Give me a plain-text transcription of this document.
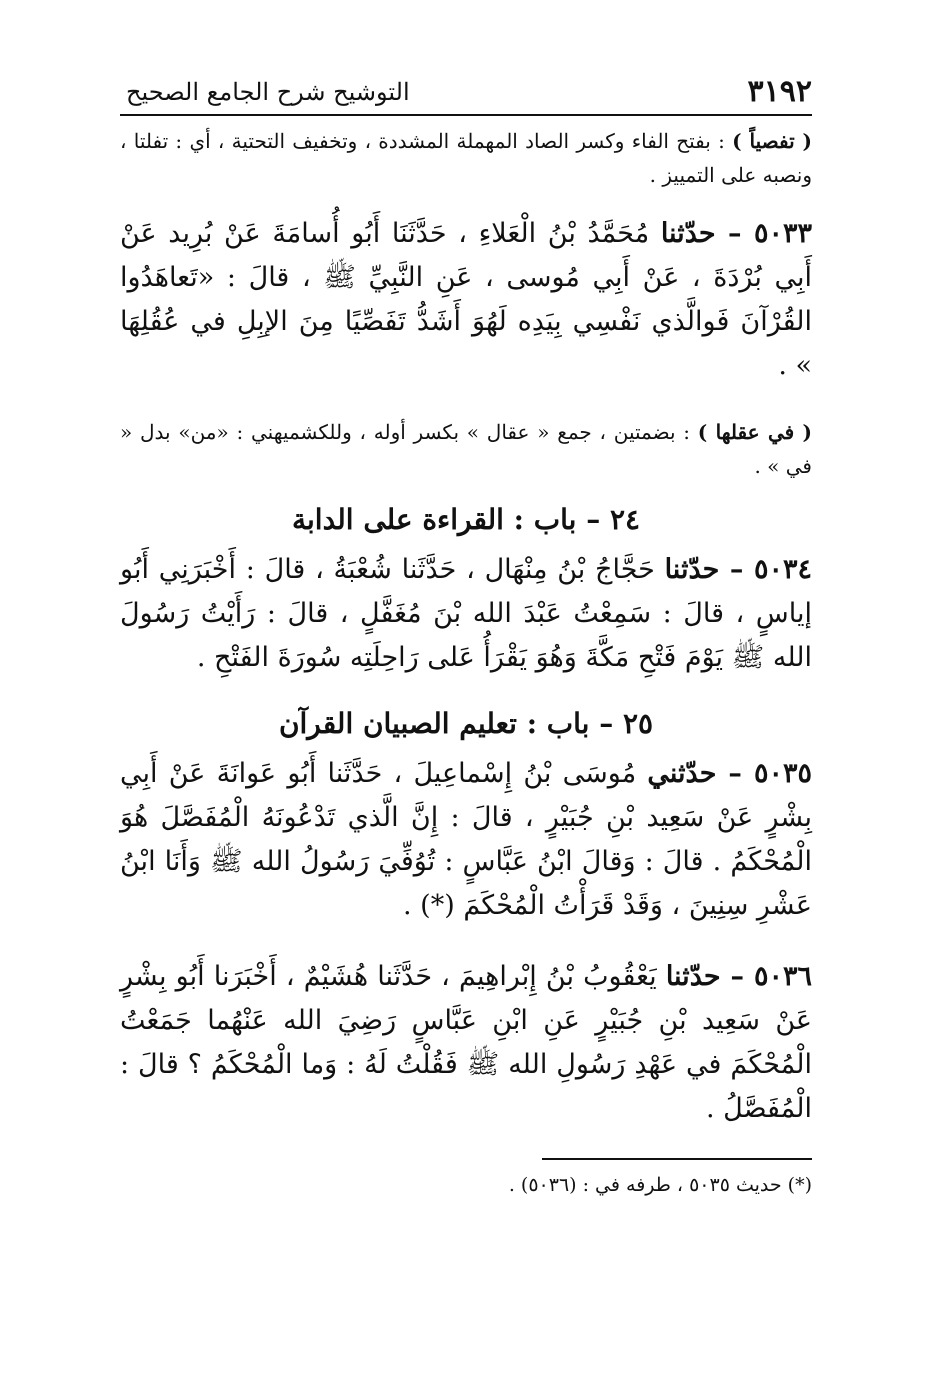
٣١٩٢
التوشيح شرح الجامع الصحيح

( تفصياً ) : بفتح الفاء وكسر الصاد المهملة المشددة ، وتخفيف التحتية ، أي : تفلتا ، ونصبه على التمييز .

٥٠٣٣ – حدّثنا مُحَمَّدُ بْنُ الْعَلاءِ ، حَدَّثَنَا أَبُو أُسامَةَ عَنْ بُرِيد عَنْ أَبِي بُرْدَةَ ، عَنْ أَبِي مُوسى ، عَنِ النَّبِيِّ ﷺ ، قالَ : «تَعاهَدُوا القُرْآنَ فَوالَّذي نَفْسِي بِيَدِه لَهُوَ أَشَدُّ تَفَصِّيًا مِنَ الإبِلِ في عُقُلِهَا » .

( في عقلها ) : بضمتين ، جمع « عقال » بكسر أوله ، وللكشميهني : «من» بدل « في » .

٢٤ – باب : القراءة على الدابة

٥٠٣٤ – حدّثنا حَجَّاجُ بْنُ مِنْهَال ، حَدَّثَنا شُعْبَةُ ، قالَ : أَخْبَرَنِي أَبُو إياسٍ ، قالَ : سَمِعْتُ عَبْدَ الله بْنَ مُغَفَّلٍ ، قالَ : رَأَيْتُ رَسُولَ الله ﷺ يَوْمَ فَتْحِ مَكَّةَ وَهُوَ يَقْرَأُ عَلى رَاحِلَتِه سُورَةَ الفَتْحِ .

٢٥ – باب : تعليم الصبيان القرآن

٥٠٣٥ – حدّثني مُوسَى بْنُ إِسْماعِيلَ ، حَدَّثَنا أَبُو عَوانَةَ عَنْ أَبِي بِشْرٍ عَنْ سَعِيد بْنِ جُبَيْرٍ ، قالَ : إِنَّ الَّذي تَدْعُونَهُ الْمُفَصَّلَ هُوَ الْمُحْكَمُ . قالَ : وَقالَ ابْنُ عَبَّاسٍ : تُوُفِّيَ رَسُولُ الله ﷺ وَأَنَا ابْنُ عَشْرِ سِنِينَ ، وَقَدْ قَرَأْتُ الْمُحْكَمَ (*) .

٥٠٣٦ – حدّثنا يَعْقُوبُ بْنُ إِبْراهِيمَ ، حَدَّثَنا هُشَيْمٌ ، أَخْبَرَنا أَبُو بِشْرٍ عَنْ سَعِيد بْنِ جُبَيْرٍ عَنِ ابْنِ عَبَّاسٍ رَضِيَ الله عَنْهُما جَمَعْتُ الْمُحْكَمَ في عَهْدِ رَسُولِ الله ﷺ فَقُلْتُ لَهُ : وَما الْمُحْكَمُ ؟ قالَ : الْمُفَصَّلُ .

(*) حديث ٥٠٣٥ ، طرفه في : (٥٠٣٦) .
